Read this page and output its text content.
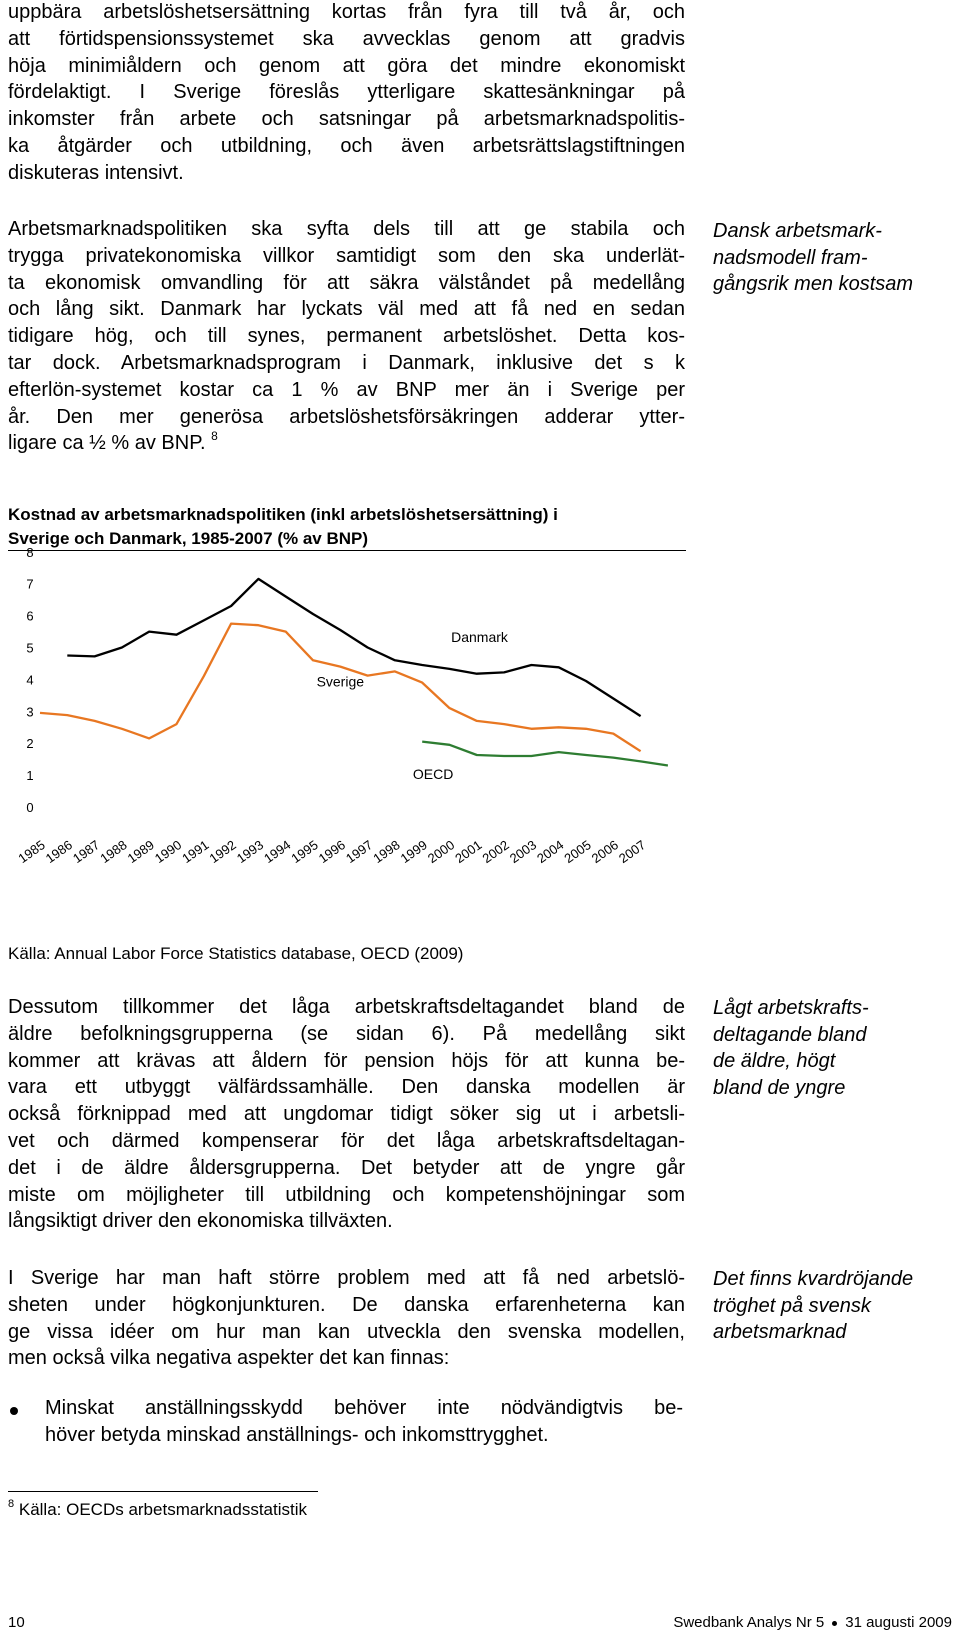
uppbära arbetslöshetsersättning kortas från fyra till två år, och
att förtidspensionssystemet ska avvecklas genom att gradvis
höja minimiåldern och genom att göra det mindre ekonomiskt
fördelaktigt. I Sverige föreslås ytterligare skattesänkningar på
inkomster från arbete och satsningar på arbetsmarknadspolitis-
ka åtgärder och utbildning, och även arbetsrättslagstiftningen
diskuteras intensivt.
Arbetsmarknadspolitiken ska syfta dels till att ge stabila och
trygga privatekonomiska villkor samtidigt som den ska underlät-
ta ekonomisk omvandling för att säkra välståndet på medellång
och lång sikt. Danmark har lyckats väl med att få ned en sedan
tidigare hög, och till synes, permanent arbetslöshet. Detta kos-
tar dock. Arbetsmarknadsprogram i Danmark, inklusive det s k
efterlön-systemet kostar ca 1 % av BNP mer än i Sverige per
år. Den mer generösa arbetslöshetsförsäkringen adderar ytter-
ligare ca ½ % av BNP. $^8$
Dansk arbetsmark-
nadsmodell fram-
gångsrik men kostsam
Kostnad av arbetsmarknadspolitiken (inkl arbetslöshetsersättning) i
Sverige och Danmark, 1985-2007 (% av BNP)
0
1
2
3
4
5
6
7
8
1985
1986
1987
1988
1989
1990
1991
1992
1993
1994
1995
1996
1997
1998
1999
2000
2001
2002
2003
2004
2005
2006
2007
Danmark
Sverige
OECD
Källa: Annual Labor Force Statistics database, OECD (2009)
Dessutom tillkommer det låga arbetskraftsdeltagandet bland de
äldre befolkningsgrupperna (se sidan 6). På medellång sikt
kommer att krävas att åldern för pension höjs för att kunna be-
vara ett utbyggt välfärdssamhälle. Den danska modellen är
också förknippad med att ungdomar tidigt söker sig ut i arbetsli-
vet och därmed kompenserar för det låga arbetskraftsdeltagan-
det i de äldre åldersgrupperna. Det betyder att de yngre går
miste om möjligheter till utbildning och kompetenshöjningar som
långsiktigt driver den ekonomiska tillväxten.
Lågt arbetskrafts-
deltagande bland
de äldre, högt
bland de yngre
I Sverige har man haft större problem med att få ned arbetslö-
sheten under högkonjunkturen. De danska erfarenheterna kan
ge vissa idéer om hur man kan utveckla den svenska modellen,
men också vilka negativa aspekter det kan finnas:
Det finns kvardröjande
tröghet på svensk
arbetsmarknad
Minskat anställningsskydd behöver inte nödvändigtvis be-
höver betyda minskad anställnings- och inkomsttrygghet.
$^8$ Källa: OECDs arbetsmarknadsstatistik
10	Swedbank Analys Nr 5 31 augusti 2009
